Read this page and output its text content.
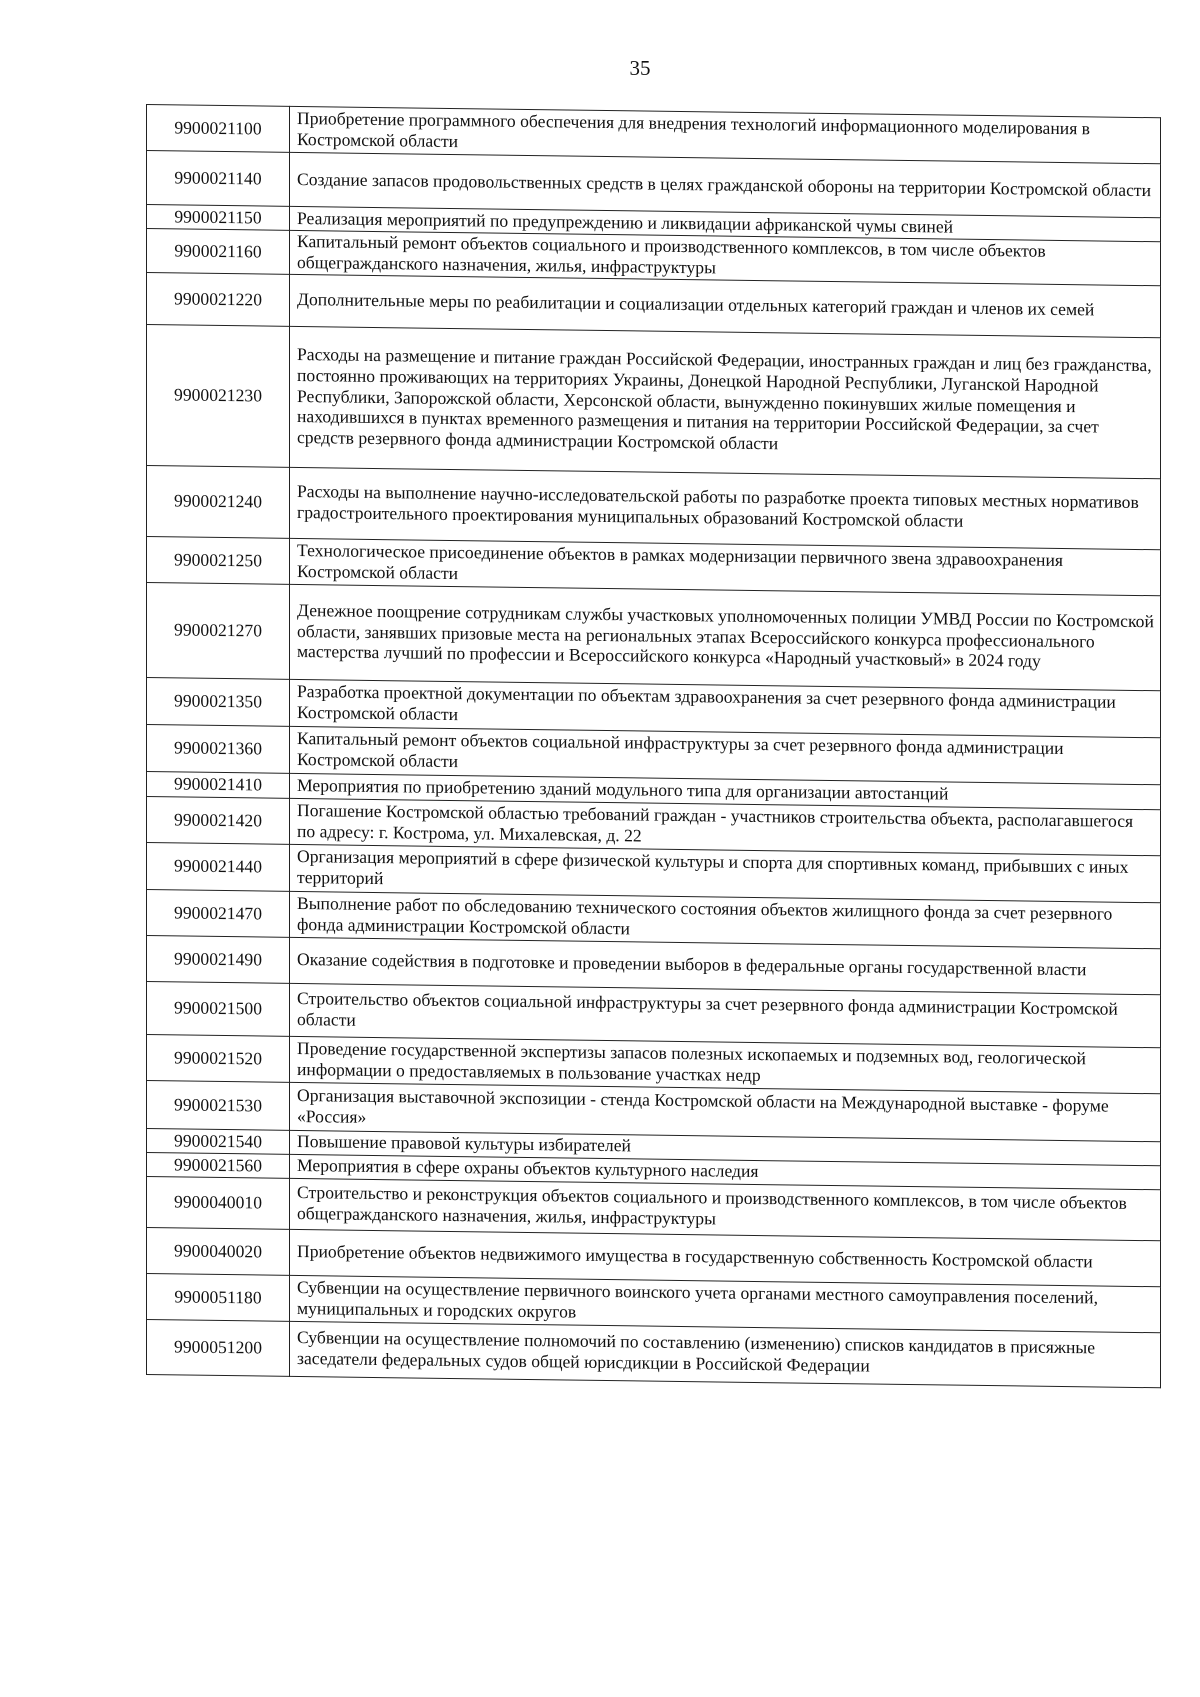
35
9900021100	Приобретение программного обеспечения для внедрения технологий информационного моделирования в Костромской области
9900021140	Создание запасов продовольственных средств в целях гражданской обороны на территории Костромской области
9900021150	Реализация мероприятий по предупреждению и ликвидации африканской чумы свиней
9900021160	Капитальный ремонт объектов социального и производственного комплексов, в том числе объектов общегражданского назначения, жилья, инфраструктуры
9900021220	Дополнительные меры по реабилитации и социализации отдельных категорий граждан и членов их семей
9900021230	Расходы на размещение и питание граждан Российской Федерации, иностранных граждан и лиц без гражданства, постоянно проживающих на территориях Украины, Донецкой Народной Республики, Луганской Народной Республики, Запорожской области, Херсонской области, вынужденно покинувших жилые помещения и находившихся в пунктах временного размещения и питания на территории Российской Федерации, за счет средств резервного фонда администрации Костромской области
9900021240	Расходы на выполнение научно-исследовательской работы по разработке проекта типовых местных нормативов градостроительного проектирования муниципальных образований Костромской области
9900021250	Технологическое присоединение объектов в рамках модернизации первичного звена здравоохранения Костромской области
9900021270	Денежное поощрение сотрудникам службы участковых уполномоченных полиции УМВД России по Костромской области, занявших призовые места на региональных этапах Всероссийского конкурса профессионального мастерства лучший по профессии и Всероссийского конкурса «Народный участковый» в 2024 году
9900021350	Разработка проектной документации по объектам здравоохранения за счет резервного фонда администрации Костромской области
9900021360	Капитальный ремонт объектов социальной инфраструктуры за счет резервного фонда администрации Костромской области
9900021410	Мероприятия по приобретению зданий модульного типа для организации автостанций
9900021420	Погашение Костромской областью требований граждан - участников строительства объекта, располагавшегося по адресу: г. Кострома, ул. Михалевская, д. 22
9900021440	Организация мероприятий в сфере физической культуры и спорта для спортивных команд, прибывших с иных территорий
9900021470	Выполнение работ по обследованию технического состояния объектов жилищного фонда за счет резервного фонда администрации Костромской области
9900021490	Оказание содействия в подготовке и проведении выборов в федеральные органы государственной власти
9900021500	Строительство объектов социальной инфраструктуры за счет резервного фонда администрации Костромской области
9900021520	Проведение государственной экспертизы запасов полезных ископаемых и подземных вод, геологической информации о предоставляемых в пользование участках недр
9900021530	Организация выставочной экспозиции - стенда Костромской области на Международной выставке - форуме «Россия»
9900021540	Повышение правовой культуры избирателей
9900021560	Мероприятия в сфере охраны объектов культурного наследия
9900040010	Строительство и реконструкция объектов социального и производственного комплексов, в том числе объектов общегражданского назначения, жилья, инфраструктуры
9900040020	Приобретение объектов недвижимого имущества в государственную собственность Костромской области
9900051180	Субвенции на осуществление первичного воинского учета органами местного самоуправления поселений, муниципальных и городских округов
9900051200	Субвенции на осуществление полномочий по составлению (изменению) списков кандидатов в присяжные заседатели федеральных судов общей юрисдикции в Российской Федерации
